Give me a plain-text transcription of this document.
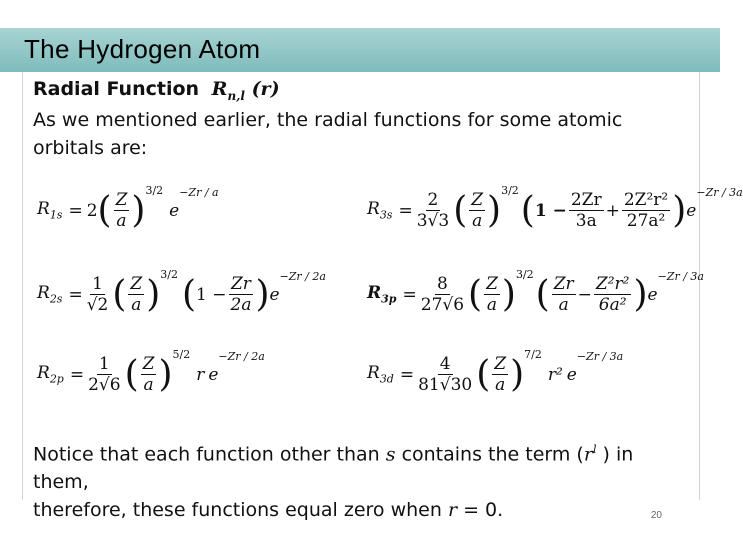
The Hydrogen Atom
Radial Function $R_{n,l}$ (r)
As we mentioned earlier, the radial functions for some atomic orbitals are:
$R_{1s} = 2$ ( $\frac{Z}{a}$ ) 3/2
e
−Zr / a
$R_{2s} = \frac{1}{√2}$ ( $\frac{Z}{a}$ ) 3/2 ( $1 - \frac{Zr}{2a}$ ) e
−Zr / 2a
$R_{2p} = \frac{1}{2√6}$ ( $\frac{Z}{a}$ ) 5/2
r e
−Zr / 2a
$R_{3s} = \frac{2}{3√3}$ ( $\frac{Z}{a}$ ) 3/2 ( $1 - \frac{2Zr}{3a} + \frac{\text{2Z²r²}}{\text{27a²}}$ ) e
−Zr / 3a
$R_{3p} = \frac{8}{27√6}$ ( $\frac{Z}{a}$ ) 3/2 ( $\frac{Zr}{a} - \frac{\text{Z²r²}}{\text{6a²}}$ ) e
−Zr / 3a
$R_{3d} = \frac{4}{81√30}$ ( $\frac{Z}{a}$ ) 7/2
r² e
−Zr / 3a
Notice that each function other than s contains the term ($r^l$ ) in them,
therefore, these functions equal zero when r = 0.	20
